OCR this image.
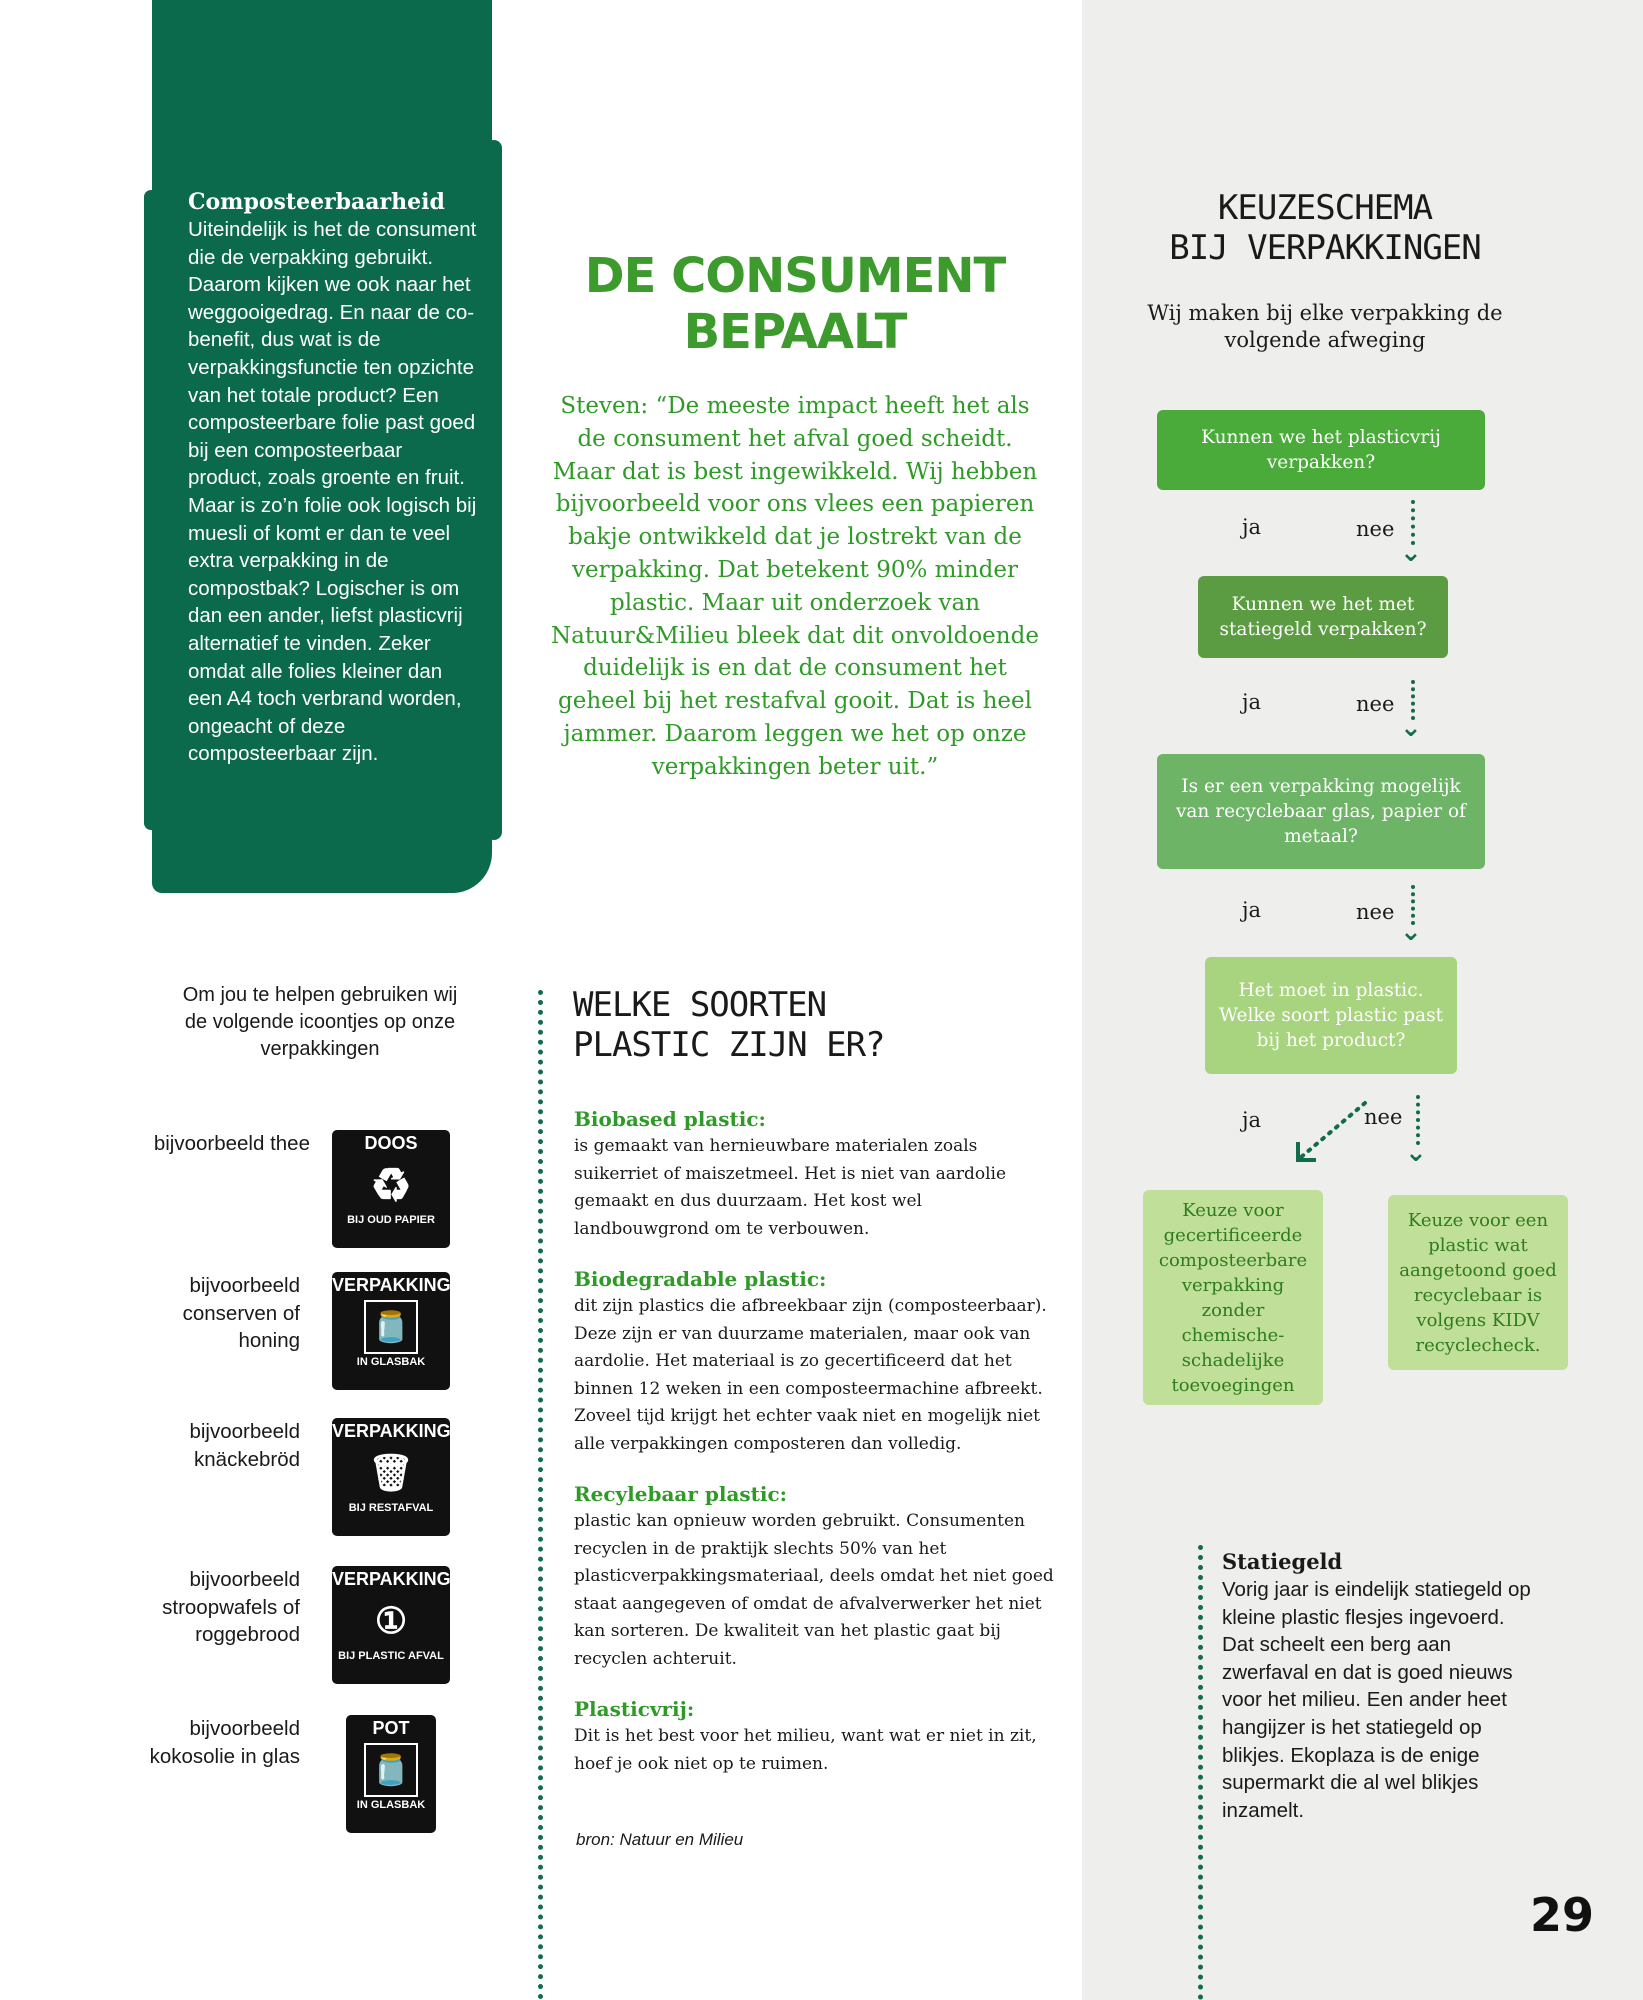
Composteerbaarheid

Uiteindelijk is het de consument die de verpakking gebruikt. Daarom kijken we ook naar het weggooigedrag. En naar de co-benefit, dus wat is de verpakkingsfunctie ten opzichte van het totale product? Een composteerbare folie past goed bij een composteerbaar product, zoals groente en fruit. Maar is zo’n folie ook logisch bij muesli of komt er dan te veel extra verpakking in de compostbak? Logischer is om dan een ander, liefst plasticvrij alternatief te vinden. Zeker omdat alle folies kleiner dan een A4 toch verbrand worden, ongeacht of deze composteerbaar zijn.

DE CONSUMENT
BEPAALT
Steven: “De meeste impact heeft het als de consument het afval goed scheidt. Maar dat is best ingewikkeld. Wij hebben bijvoorbeeld voor ons vlees een papieren bakje ontwikkeld dat je lostrekt van de verpakking. Dat betekent 90% minder plastic. Maar uit onderzoek van Natuur&Milieu bleek dat dit onvoldoende duidelijk is en dat de consument het geheel bij het restafval gooit. Dat is heel jammer. Daarom leggen we het op onze verpakkingen beter uit.”
KEUZESCHEMA
BIJ VERPAKKINGEN
Wij maken bij elke verpakking de volgende afweging
Kunnen we het plasticvrij verpakken?
ja	nee
⌄
Kunnen we het met statiegeld verpakken?
ja	nee
⌄
Is er een verpakking mogelijk van recyclebaar glas, papier of metaal?
ja	nee
⌄
Het moet in plastic. Welke soort plastic past bij het product?
ja	nee
⌄
Keuze voor gecertificeerde composteerbare verpakking zonder chemische-schadelijke toevoegingen
Keuze voor een plastic wat aangetoond goed recyclebaar is volgens KIDV recyclecheck.
Om jou te helpen gebruiken wij de volgende icoontjes op onze verpakkingen
bijvoorbeeld thee	DOOS
♻
BIJ OUD PAPIER
bijvoorbeeld conserven of honing
VERPAKKING
🫙
IN GLASBAK
bijvoorbeeld knäckebröd
VERPAKKING
🗑
BIJ RESTAFVAL
bijvoorbeeld stroopwafels of roggebrood
VERPAKKING
①
BIJ PLASTIC AFVAL
bijvoorbeeld kokosolie in glas
POT
🫙
IN GLASBAK
WELKE SOORTEN
PLASTIC ZIJN ER?
Biobased plastic:

is gemaakt van hernieuwbare materialen zoals suikerriet of maiszetmeel. Het is niet van aardolie gemaakt en dus duurzaam. Het kost wel landbouwgrond om te verbouwen.

Biodegradable plastic:

dit zijn plastics die afbreekbaar zijn (composteerbaar). Deze zijn er van duurzame materialen, maar ook van aardolie. Het materiaal is zo gecertificeerd dat het binnen 12 weken in een composteermachine afbreekt. Zoveel tijd krijgt het echter vaak niet en mogelijk niet alle verpakkingen composteren dan volledig.

Recylebaar plastic:

plastic kan opnieuw worden gebruikt. Consumenten recyclen in de praktijk slechts 50% van het plasticverpakkingsmateriaal, deels omdat het niet goed staat aangegeven of omdat de afvalverwerker het niet kan sorteren. De kwaliteit van het plastic gaat bij recyclen achteruit.

Plasticvrij:

Dit is het best voor het milieu, want wat er niet in zit, hoef je ook niet op te ruimen.

bron: Natuur en Milieu
Statiegeld

Vorig jaar is eindelijk statiegeld op kleine plastic flesjes ingevoerd. Dat scheelt een berg aan zwerfaval en dat is goed nieuws voor het milieu. Een ander heet hangijzer is het statiegeld op blikjes. Ekoplaza is de enige supermarkt die al wel blikjes inzamelt.

29
